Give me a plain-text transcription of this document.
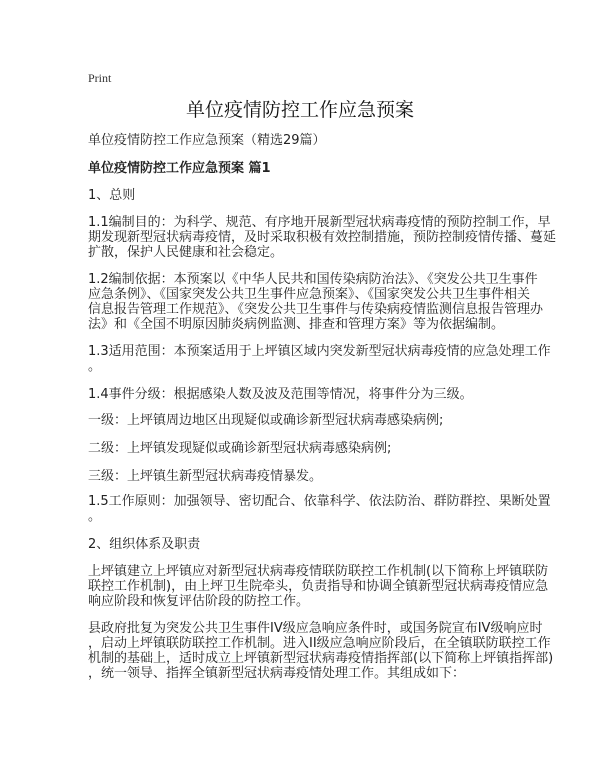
Print
单位疫情防控工作应急预案
单位疫情防控工作应急预案（精选29篇）
单位疫情防控工作应急预案 篇1
1、总则
1.1编制目的：为科学、规范、有序地开展新型冠状病毒疫情的预防控制工作，早
期发现新型冠状病毒疫情，及时采取积极有效控制措施，预防控制疫情传播、蔓延
扩散，保护人民健康和社会稳定。
1.2编制依据：本预案以《中华人民共和国传染病防治法》、《突发公共卫生事件
应急条例》、《国家突发公共卫生事件应急预案》、《国家突发公共卫生事件相关
信息报告管理工作规范》、《突发公共卫生事件与传染病疫情监测信息报告管理办
法》和《全国不明原因肺炎病例监测、排查和管理方案》等为依据编制。
1.3适用范围：本预案适用于上坪镇区域内突发新型冠状病毒疫情的应急处理工作
。
1.4事件分级：根据感染人数及波及范围等情况，将事件分为三级。
一级：上坪镇周边地区出现疑似或确诊新型冠状病毒感染病例;
二级：上坪镇发现疑似或确诊新型冠状病毒感染病例;
三级：上坪镇生新型冠状病毒疫情暴发。
1.5工作原则：加强领导、密切配合、依靠科学、依法防治、群防群控、果断处置
。
2、组织体系及职责
上坪镇建立上坪镇应对新型冠状病毒疫情联防联控工作机制(以下简称上坪镇联防
联控工作机制)，由上坪卫生院牵头，负责指导和协调全镇新型冠状病毒疫情应急
响应阶段和恢复评估阶段的防控工作。
县政府批复为突发公共卫生事件IV级应急响应条件时，或国务院宣布IV级响应时
，启动上坪镇联防联控工作机制。进入II级应急响应阶段后，在全镇联防联控工作
机制的基础上，适时成立上坪镇新型冠状病毒疫情指挥部(以下简称上坪镇指挥部)
，统一领导、指挥全镇新型冠状病毒疫情处理工作。其组成如下：
